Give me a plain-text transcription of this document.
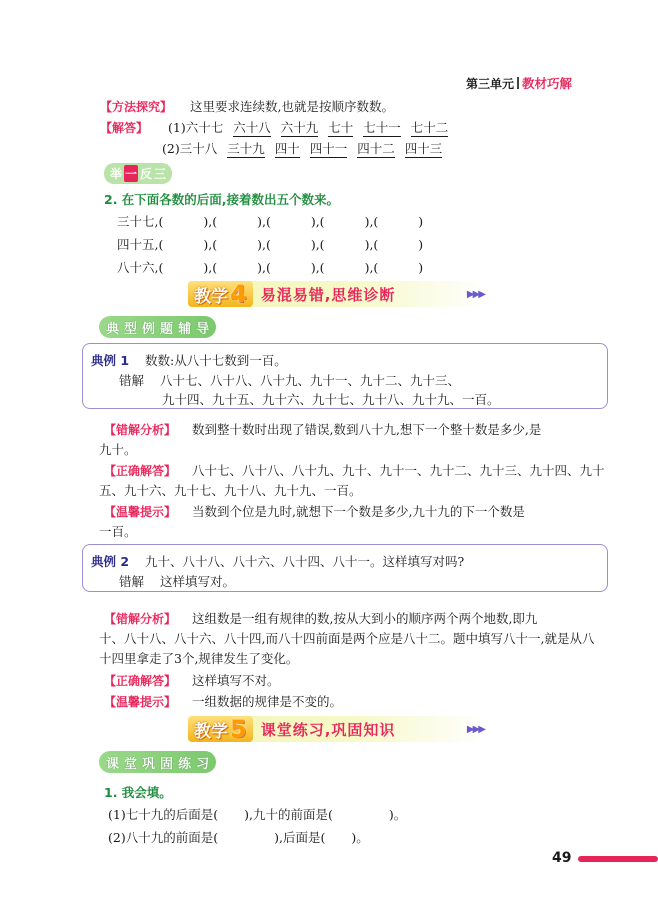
第三单元 教材巧解
【方法探究】 这里要求连续数,也就是按顺序数数。
【解答】 (1)六十七 六十八 六十九 七十 七十一 七十二
(2)三十八 三十九 四十 四十一 四十二 四十三
举 一 反 三
2. 在下面各数的后面,接着数出五个数来。
三十七,(	),(	),(	),(	),(	)
四十五,(	),(	),(	),(	),(	)
八十六,(	),(	),(	),(	),(	)
教学 4 易混易错,思维诊断	▶▶▶
典 型 例 题 辅 导
典例 1 数数:从八十七数到一百。
错解 八十七、八十八、八十九、九十一、九十二、九十三、
九十四、九十五、九十六、九十七、九十八、九十九、一百。
【错解分析】 数到整十数时出现了错误,数到八十九,想下一个整十数是多少,是
九十。
【正确解答】 八十七、八十八、八十九、九十、九十一、九十二、九十三、九十四、九十
五、九十六、九十七、九十八、九十九、一百。
【温馨提示】 当数到个位是九时,就想下一个数是多少,九十九的下一个数是
一百。
典例 2 九十、八十八、八十六、八十四、八十一。这样填写对吗?
错解 这样填写对。
【错解分析】 这组数是一组有规律的数,按从大到小的顺序两个两个地数,即九
十、八十八、八十六、八十四,而八十四前面是两个应是八十二。题中填写八十一,就是从八
十四里拿走了3个,规律发生了变化。
【正确解答】 这样填写不对。
【温馨提示】 一组数据的规律是不变的。
教学 5 课堂练习,巩固知识	▶▶▶
课 堂 巩 固 练 习
1. 我会填。
(1)七十九的后面是( ),九十的前面是(	)。
(2)八十九的前面是(	),后面是( )。
49
